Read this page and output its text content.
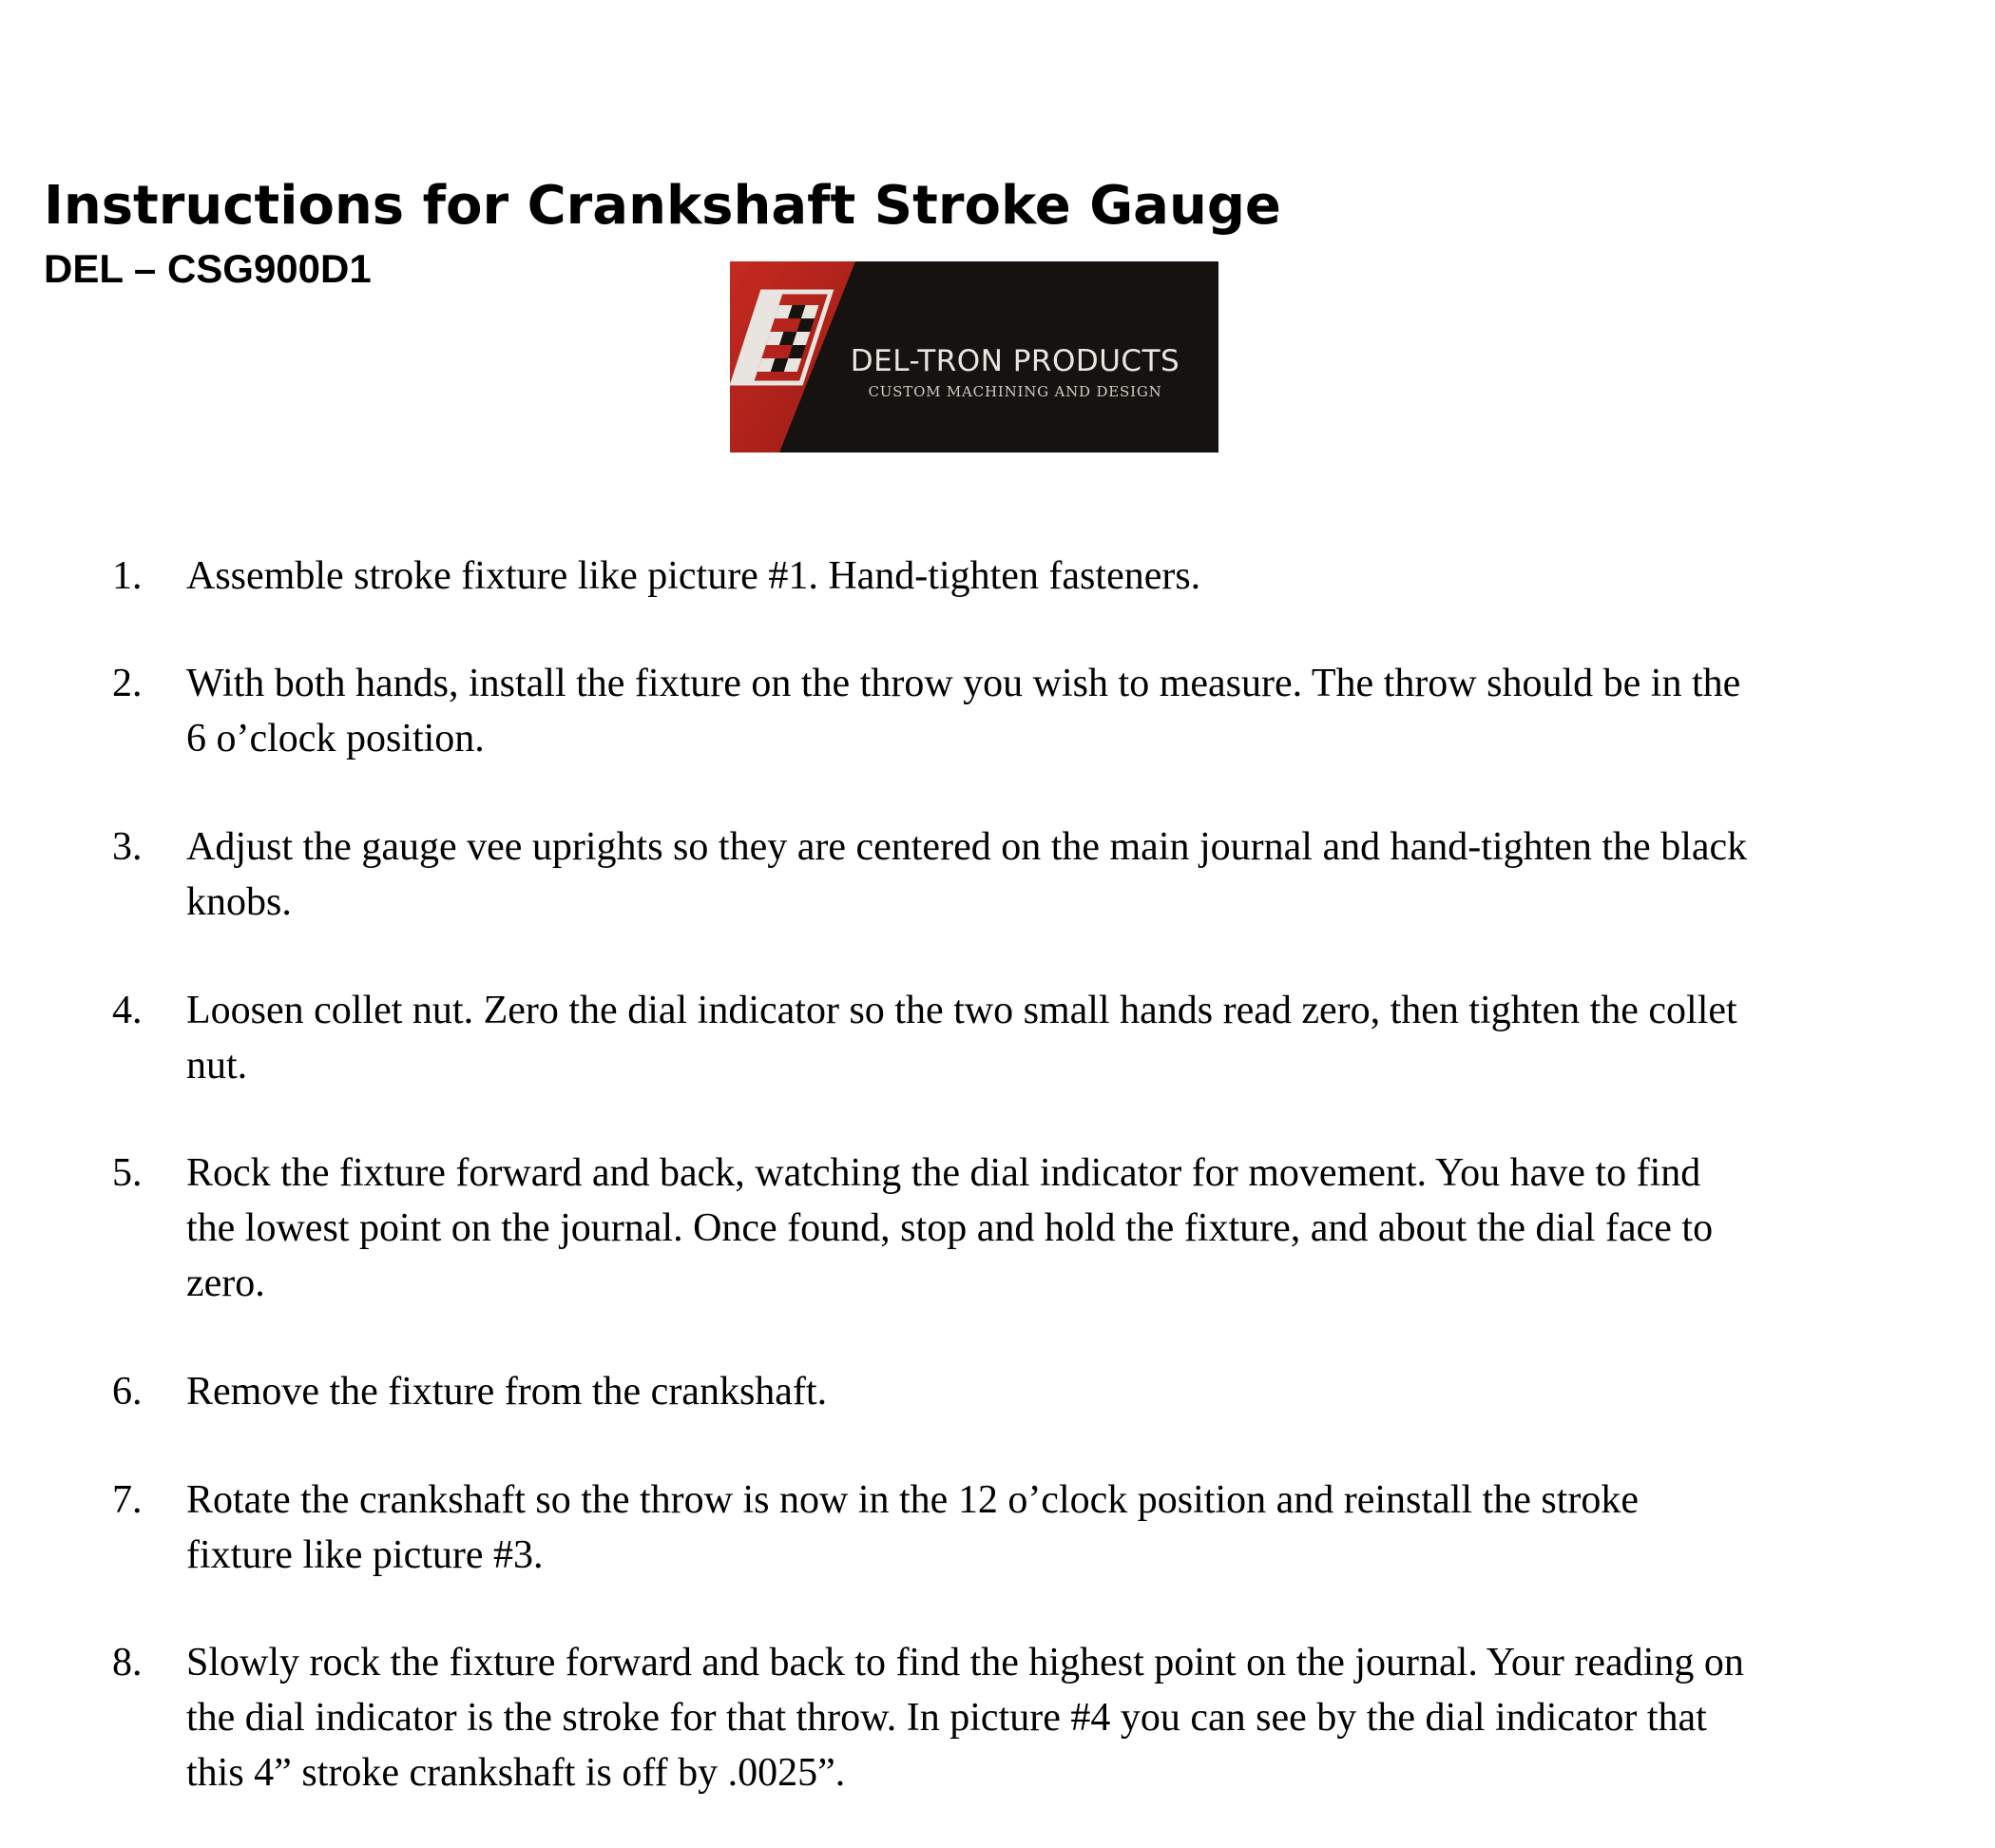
Instructions for Crankshaft Stroke Gauge
DEL – CSG900D1
DEL-TRON PRODUCTS
CUSTOM MACHINING AND DESIGN
1. Assemble stroke fixture like picture #1. Hand-tighten fasteners.
2. With both hands, install the fixture on the throw you wish to measure. The throw should be in the
6 o’clock position.
3. Adjust the gauge vee uprights so they are centered on the main journal and hand-tighten the black
knobs.
4. Loosen collet nut. Zero the dial indicator so the two small hands read zero, then tighten the collet
nut.
5. Rock the fixture forward and back, watching the dial indicator for movement. You have to find
the lowest point on the journal. Once found, stop and hold the fixture, and about the dial face to
zero.
6. Remove the fixture from the crankshaft.
7. Rotate the crankshaft so the throw is now in the 12 o’clock position and reinstall the stroke
fixture like picture #3.
8. Slowly rock the fixture forward and back to find the highest point on the journal. Your reading on
the dial indicator is the stroke for that throw. In picture #4 you can see by the dial indicator that
this 4” stroke crankshaft is off by .0025”.
